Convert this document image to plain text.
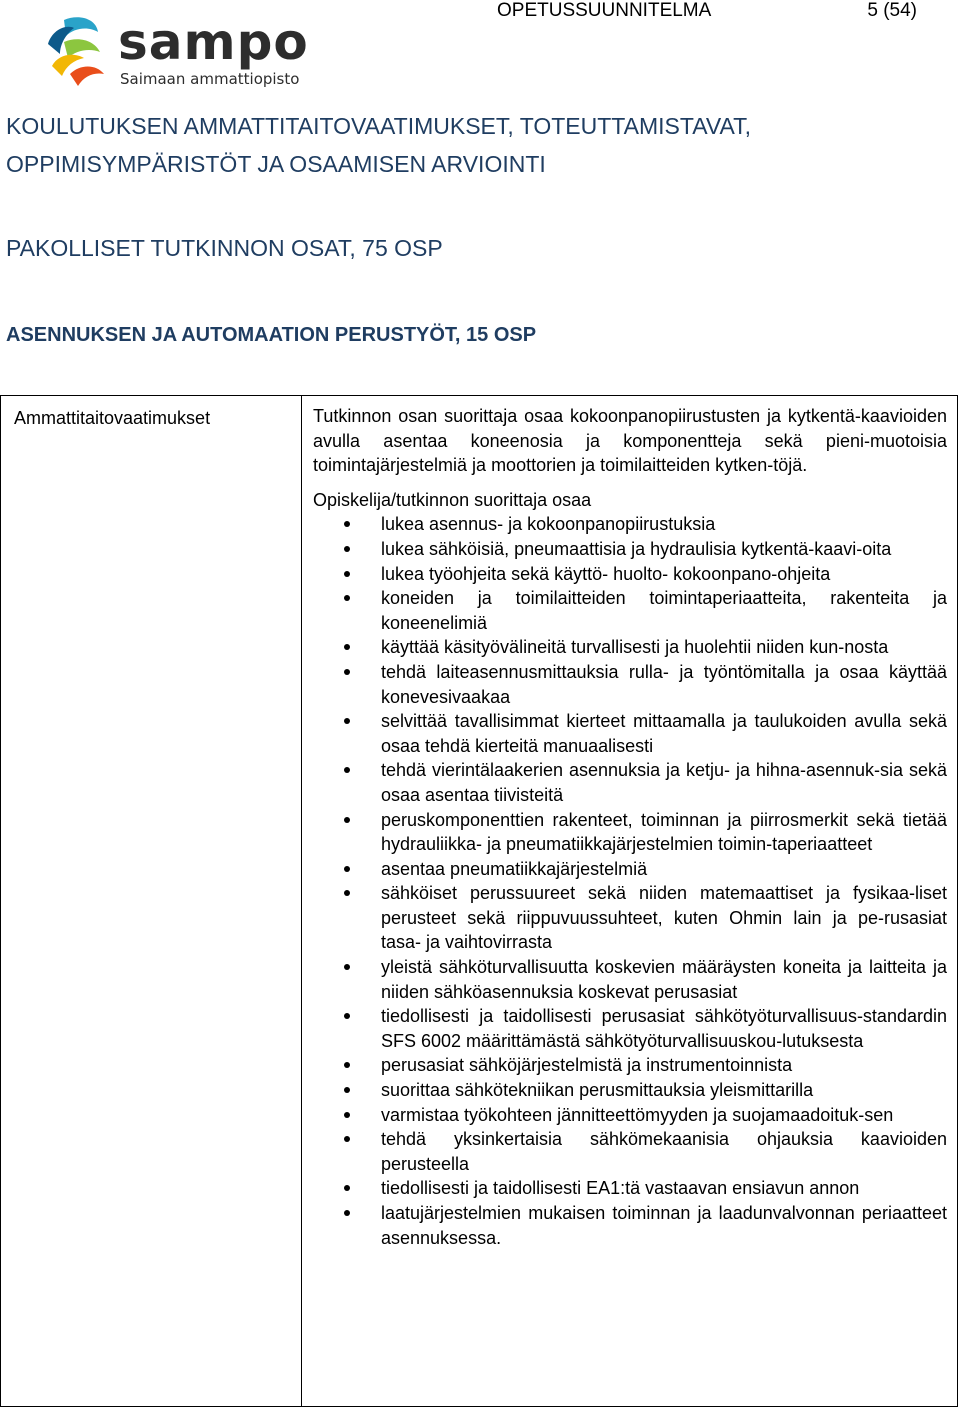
OPETUSSUUNNITELMA	5 (54)
sampo
Saimaan ammattiopisto
KOULUTUKSEN AMMATTITAITOVAATIMUKSET, TOTEUTTAMISTAVAT, OPPIMISYMPÄRISTÖT JA OSAAMISEN ARVIOINTI
PAKOLLISET TUTKINNON OSAT, 75 OSP
ASENNUKSEN JA AUTOMAATION PERUSTYÖT, 15 OSP
Ammattitaitovaatimukset	Tutkinnon osan suorittaja osaa kokoonpanopiirustusten ja kytkentä-kaavioiden avulla asentaa koneenosia ja komponentteja sekä pieni-muotoisia toimintajärjestelmiä ja moottorien ja toimilaitteiden kytken-töjä.

Opiskelija/tutkinnon suorittaja osaa

lukea asennus- ja kokoonpanopiirustuksia
lukea sähköisiä, pneumaattisia ja hydraulisia kytkentä-kaavi-oita
lukea työohjeita sekä käyttö- huolto- kokoonpano-ohjeita
koneiden ja toimilaitteiden toimintaperiaatteita, rakenteita ja koneenelimiä
käyttää käsityövälineitä turvallisesti ja huolehtii niiden kun-nosta
tehdä laiteasennusmittauksia rulla- ja työntömitalla ja osaa käyttää konevesivaakaa
selvittää tavallisimmat kierteet mittaamalla ja taulukoiden avulla sekä osaa tehdä kierteitä manuaalisesti
tehdä vierintälaakerien asennuksia ja ketju- ja hihna-asennuk-sia sekä osaa asentaa tiivisteitä
peruskomponenttien rakenteet, toiminnan ja piirrosmerkit sekä tietää hydrauliikka- ja pneumatiikkajärjestelmien toimin-taperiaatteet
asentaa pneumatiikkajärjestelmiä
sähköiset perussuureet sekä niiden matemaattiset ja fysikaa-liset perusteet sekä riippuvuussuhteet, kuten Ohmin lain ja pe-rusasiat tasa- ja vaihtovirrasta
yleistä sähköturvallisuutta koskevien määräysten koneita ja laitteita ja niiden sähköasennuksia koskevat perusasiat
tiedollisesti ja taidollisesti perusasiat sähkötyöturvallisuus-standardin SFS 6002 määrittämästä sähkötyöturvallisuuskou-lutuksesta
perusasiat sähköjärjestelmistä ja instrumentoinnista
suorittaa sähkötekniikan perusmittauksia yleismittarilla
varmistaa työkohteen jännitteettömyyden ja suojamaadoituk-sen
tehdä yksinkertaisia sähkömekaanisia ohjauksia kaavioiden perusteella
tiedollisesti ja taidollisesti EA1:tä vastaavan ensiavun annon
laatujärjestelmien mukaisen toiminnan ja laadunvalvonnan periaatteet asennuksessa.
